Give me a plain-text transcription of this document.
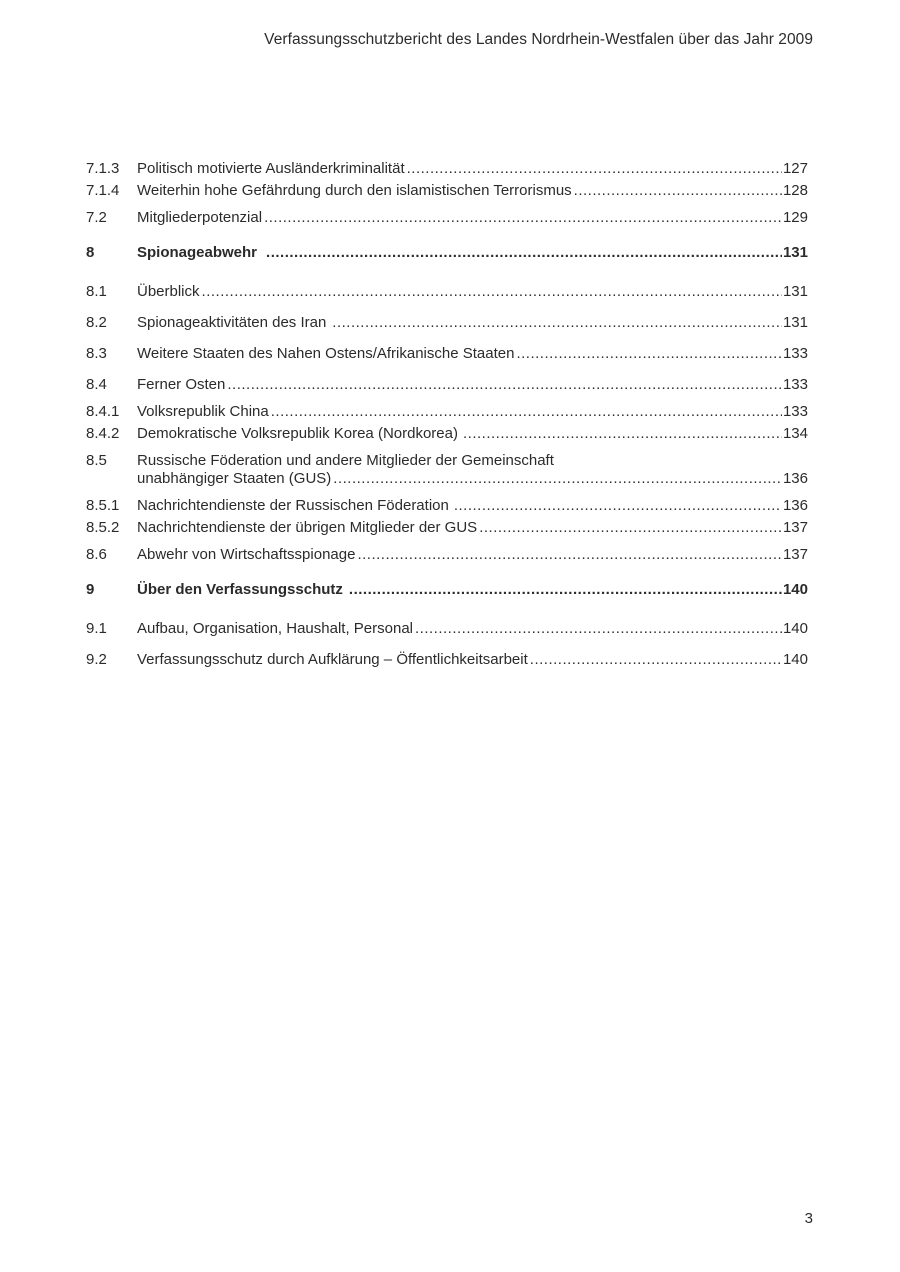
Verfassungsschutzbericht des Landes Nordrhein-Westfalen über das Jahr 2009
7.1.3	Politisch motivierte Ausländerkriminalität .....	127
7.1.4	Weiterhin hohe Gefährdung durch den islamistischen Terrorismus .....	128
7.2	Mitgliederpotenzial .....	129
8	Spionageabwehr .....	131
8.1	Überblick .....	131
8.2	Spionageaktivitäten des Iran .....	131
8.3	Weitere Staaten des Nahen Ostens/Afrikanische Staaten .....	133
8.4	Ferner Osten .....	133
8.4.1	Volksrepublik China .....	133
8.4.2	Demokratische Volksrepublik Korea (Nordkorea) .....	134
8.5	Russische Föderation und andere Mitglieder der Gemeinschaft
unabhängiger Staaten (GUS) .....	136
8.5.1	Nachrichtendienste der Russischen Föderation .....	136
8.5.2	Nachrichtendienste der übrigen Mitglieder der GUS .....	137
8.6	Abwehr von Wirtschaftsspionage .....	137
9	Über den Verfassungsschutz .....	140
9.1	Aufbau, Organisation, Haushalt, Personal .....	140
9.2	Verfassungsschutz durch Aufklärung – Öffentlichkeitsarbeit .....	140
3
